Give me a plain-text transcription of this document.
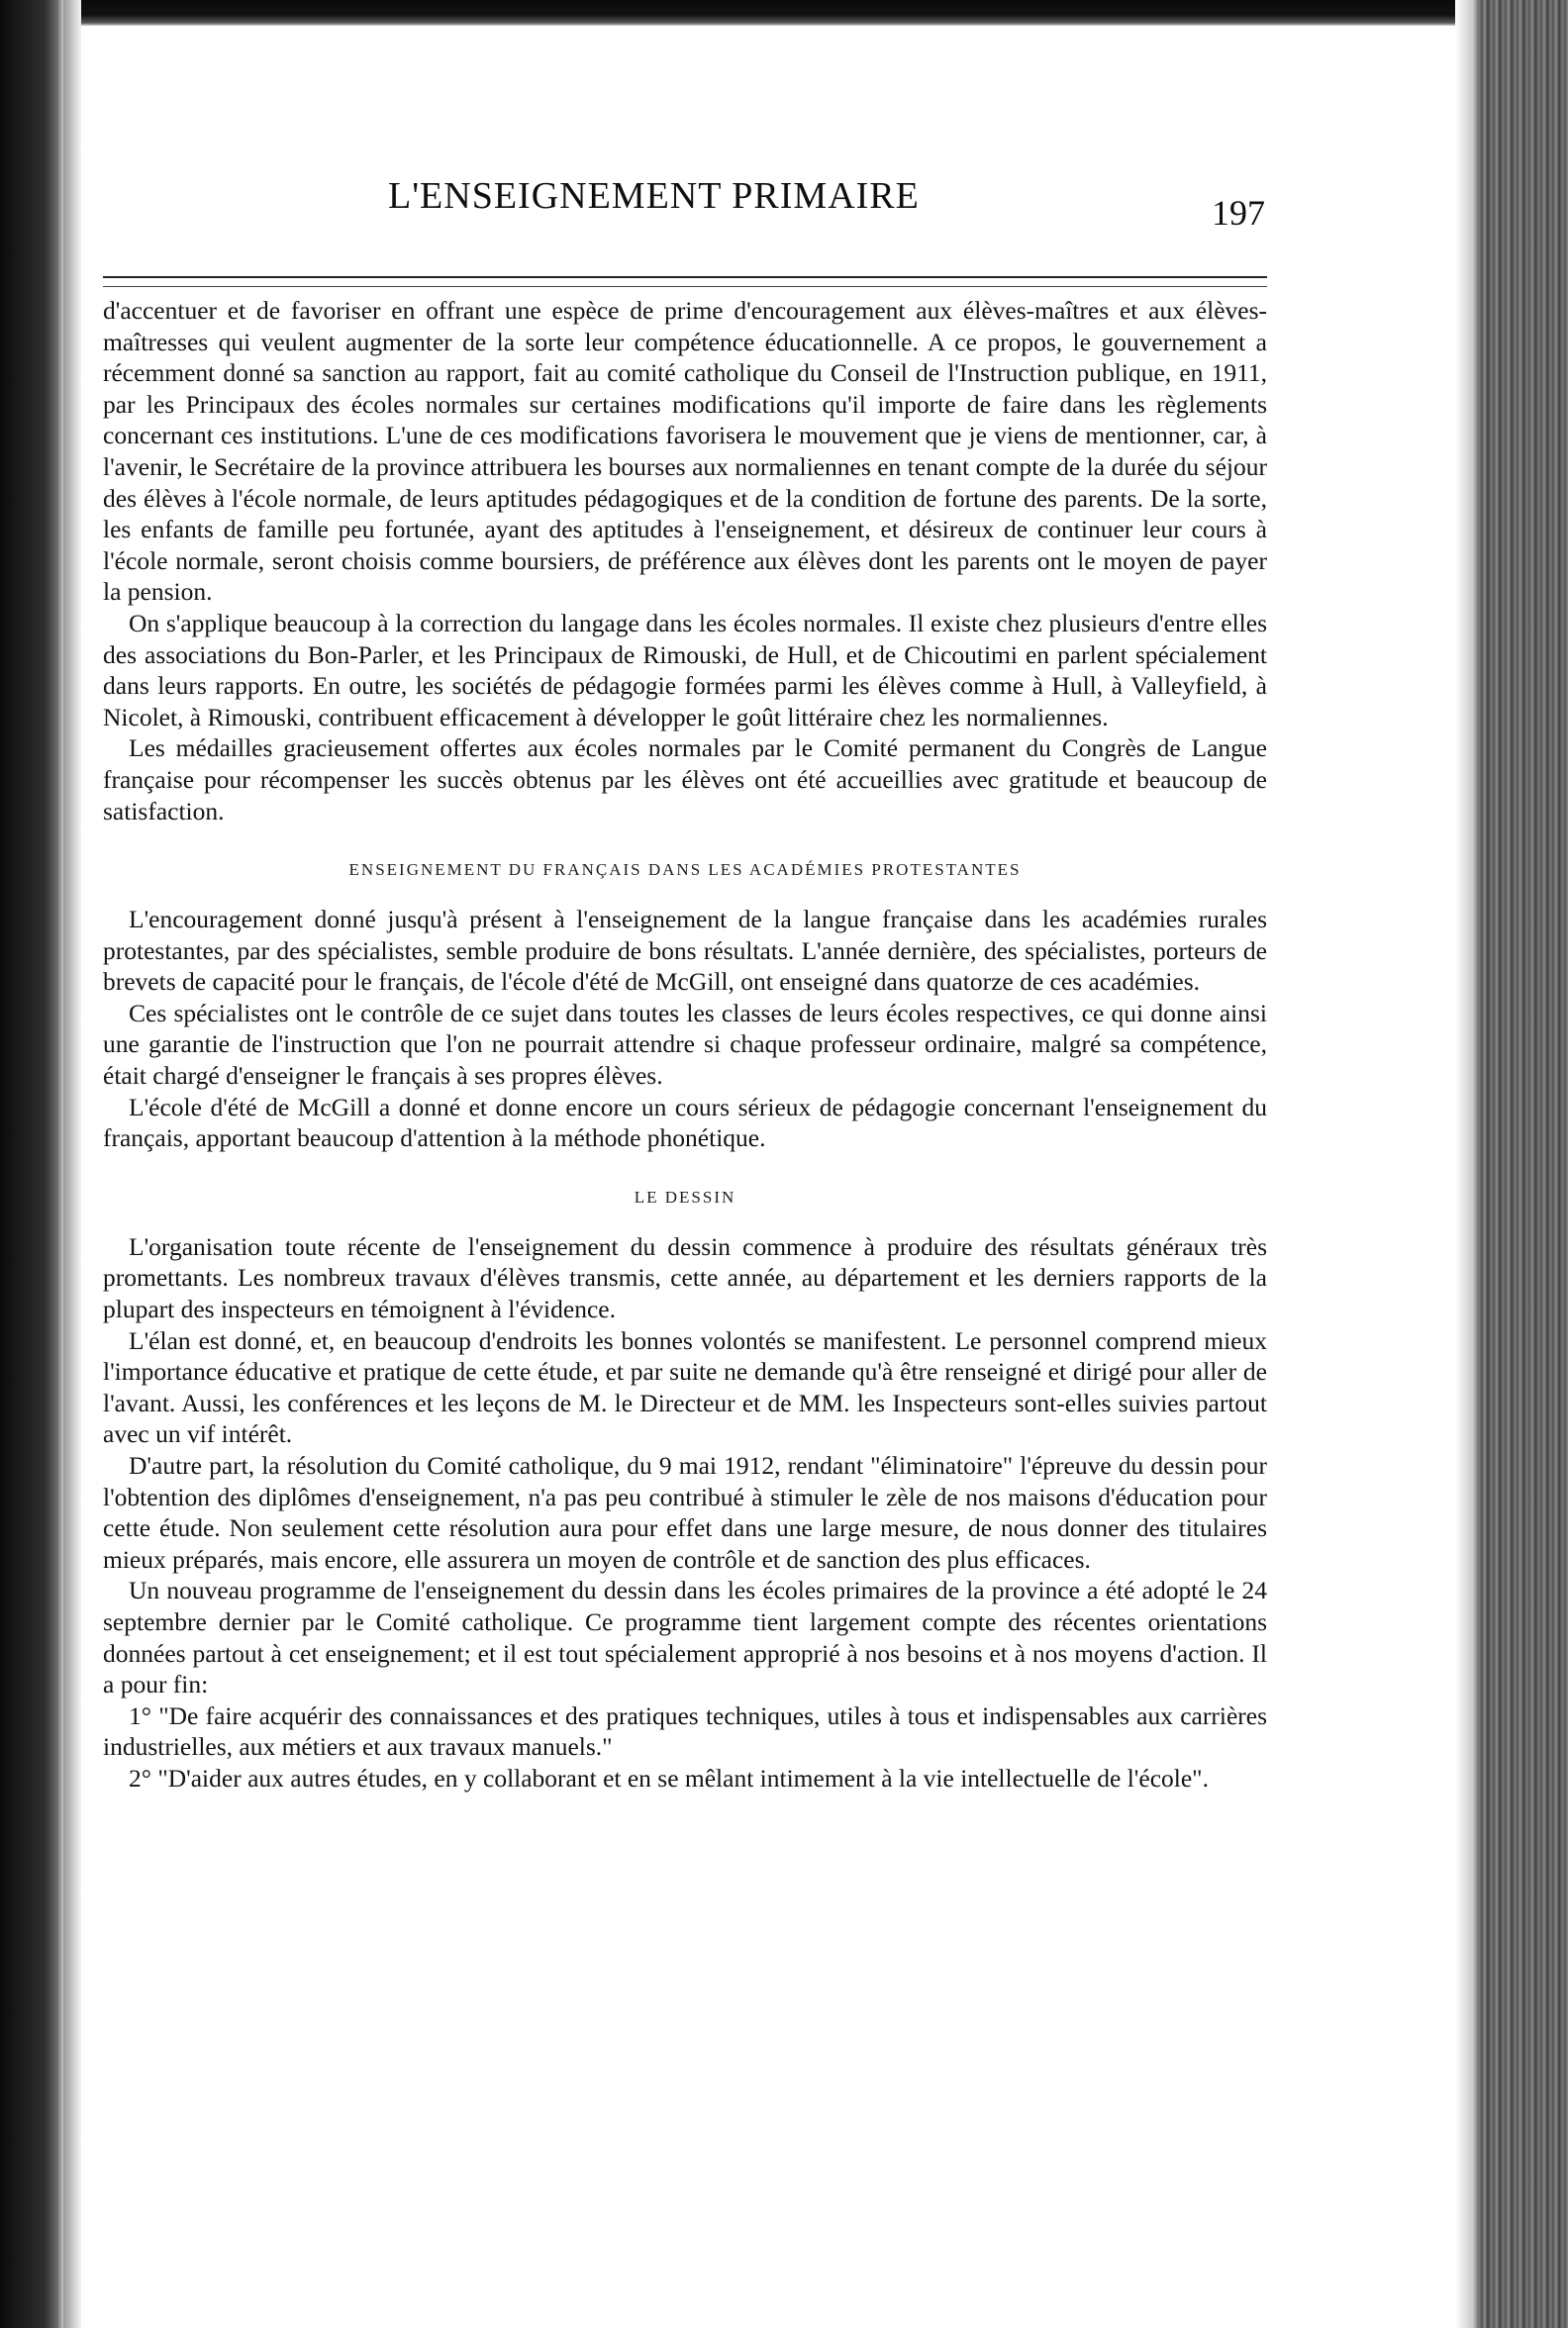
L'ENSEIGNEMENT PRIMAIRE	197

d'accentuer et de favoriser en offrant une espèce de prime d'encouragement aux élèves-maîtres et aux élèves-maîtresses qui veulent augmenter de la sorte leur compétence éducationnelle. A ce propos, le gouvernement a récemment donné sa sanction au rapport, fait au comité catholique du Conseil de l'Instruction publique, en 1911, par les Principaux des écoles normales sur certaines modifications qu'il importe de faire dans les règlements concernant ces institutions. L'une de ces modifications favorisera le mouvement que je viens de mentionner, car, à l'avenir, le Secrétaire de la province attribuera les bourses aux normaliennes en tenant compte de la durée du séjour des élèves à l'école normale, de leurs aptitudes pédagogiques et de la condition de fortune des parents. De la sorte, les enfants de famille peu fortunée, ayant des aptitudes à l'enseignement, et désireux de continuer leur cours à l'école normale, seront choisis comme boursiers, de préférence aux élèves dont les parents ont le moyen de payer la pension.

On s'applique beaucoup à la correction du langage dans les écoles normales. Il existe chez plusieurs d'entre elles des associations du Bon-Parler, et les Principaux de Rimouski, de Hull, et de Chicoutimi en parlent spécialement dans leurs rapports. En outre, les sociétés de pédagogie formées parmi les élèves comme à Hull, à Valleyfield, à Nicolet, à Rimouski, contribuent efficacement à développer le goût littéraire chez les normaliennes.

Les médailles gracieusement offertes aux écoles normales par le Comité permanent du Congrès de Langue française pour récompenser les succès obtenus par les élèves ont été accueillies avec gratitude et beaucoup de satisfaction.

ENSEIGNEMENT DU FRANÇAIS DANS LES ACADÉMIES PROTESTANTES

L'encouragement donné jusqu'à présent à l'enseignement de la langue française dans les académies rurales protestantes, par des spécialistes, semble produire de bons résultats. L'année dernière, des spécialistes, porteurs de brevets de capacité pour le français, de l'école d'été de McGill, ont enseigné dans quatorze de ces académies.

Ces spécialistes ont le contrôle de ce sujet dans toutes les classes de leurs écoles respectives, ce qui donne ainsi une garantie de l'instruction que l'on ne pourrait attendre si chaque professeur ordinaire, malgré sa compétence, était chargé d'enseigner le français à ses propres élèves.

L'école d'été de McGill a donné et donne encore un cours sérieux de pédagogie concernant l'enseignement du français, apportant beaucoup d'attention à la méthode phonétique.

LE DESSIN

L'organisation toute récente de l'enseignement du dessin commence à produire des résultats généraux très promettants. Les nombreux travaux d'élèves transmis, cette année, au département et les derniers rapports de la plupart des inspecteurs en témoignent à l'évidence.

L'élan est donné, et, en beaucoup d'endroits les bonnes volontés se manifestent. Le personnel comprend mieux l'importance éducative et pratique de cette étude, et par suite ne demande qu'à être renseigné et dirigé pour aller de l'avant. Aussi, les conférences et les leçons de M. le Directeur et de MM. les Inspecteurs sont-elles suivies partout avec un vif intérêt.

D'autre part, la résolution du Comité catholique, du 9 mai 1912, rendant "éliminatoire" l'épreuve du dessin pour l'obtention des diplômes d'enseignement, n'a pas peu contribué à stimuler le zèle de nos maisons d'éducation pour cette étude. Non seulement cette résolution aura pour effet dans une large mesure, de nous donner des titulaires mieux préparés, mais encore, elle assurera un moyen de contrôle et de sanction des plus efficaces.

Un nouveau programme de l'enseignement du dessin dans les écoles primaires de la province a été adopté le 24 septembre dernier par le Comité catholique. Ce programme tient largement compte des récentes orientations données partout à cet enseignement; et il est tout spécialement approprié à nos besoins et à nos moyens d'action. Il a pour fin:

1° "De faire acquérir des connaissances et des pratiques techniques, utiles à tous et indispensables aux carrières industrielles, aux métiers et aux travaux manuels."

2° "D'aider aux autres études, en y collaborant et en se mêlant intimement à la vie intellectuelle de l'école".
